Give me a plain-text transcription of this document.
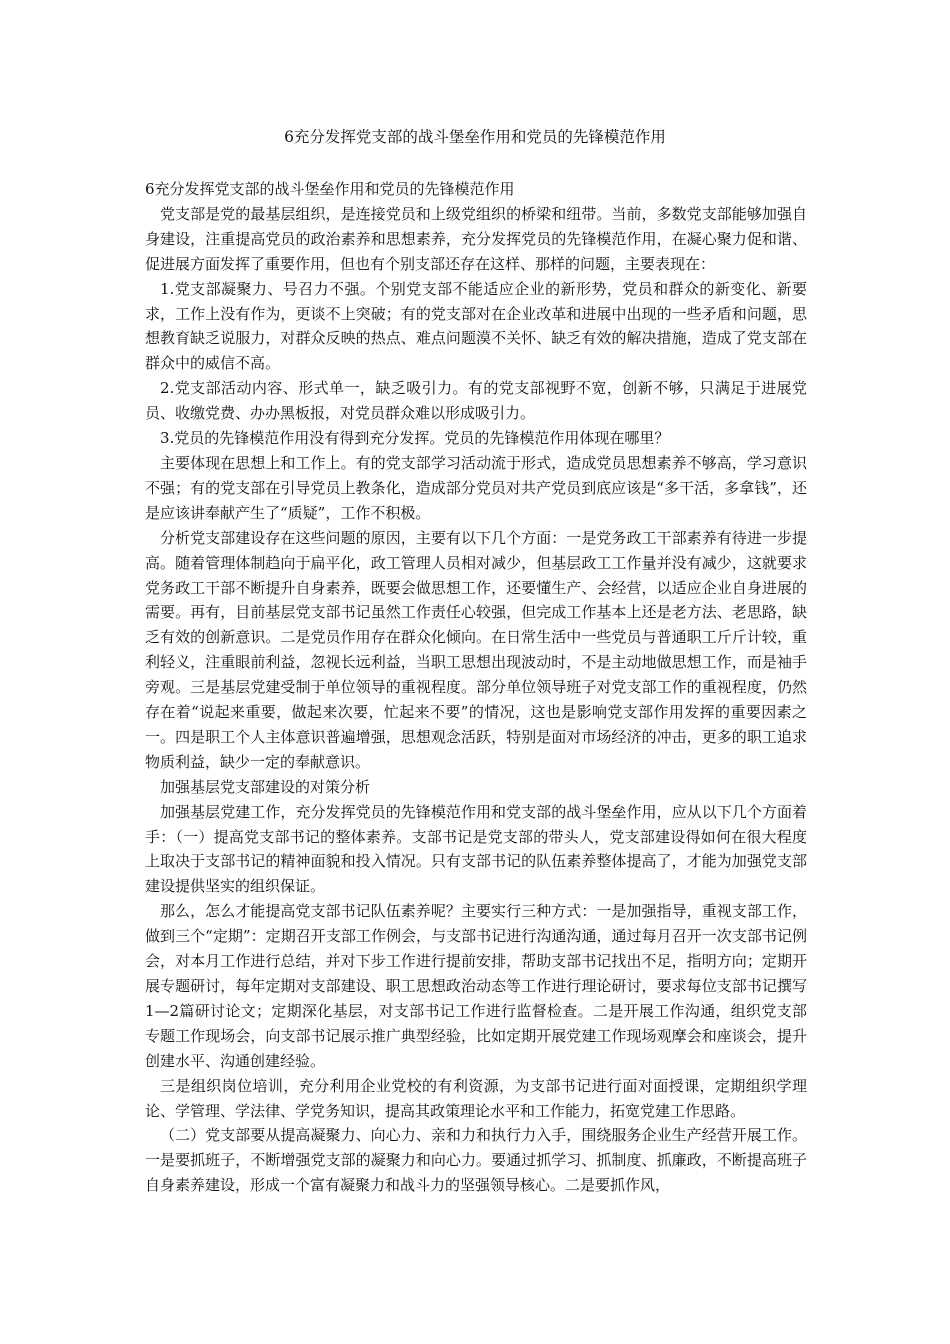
6充分发挥党支部的战斗堡垒作用和党员的先锋模范作用

6充分发挥党支部的战斗堡垒作用和党员的先锋模范作用

党支部是党的最基层组织，是连接党员和上级党组织的桥梁和纽带。当前，多数党支部能够加强自身建设，注重提高党员的政治素养和思想素养，充分发挥党员的先锋模范作用，在凝心聚力促和谐、促进展方面发挥了重要作用，但也有个别支部还存在这样、那样的问题，主要表现在：

1.党支部凝聚力、号召力不强。个别党支部不能适应企业的新形势，党员和群众的新变化、新要求，工作上没有作为，更谈不上突破；有的党支部对在企业改革和进展中出现的一些矛盾和问题，思想教育缺乏说服力，对群众反映的热点、难点问题漠不关怀、缺乏有效的解决措施，造成了党支部在群众中的威信不高。

2.党支部活动内容、形式单一，缺乏吸引力。有的党支部视野不宽，创新不够，只满足于进展党员、收缴党费、办办黑板报，对党员群众难以形成吸引力。

3.党员的先锋模范作用没有得到充分发挥。党员的先锋模范作用体现在哪里？

主要体现在思想上和工作上。有的党支部学习活动流于形式，造成党员思想素养不够高，学习意识不强；有的党支部在引导党员上教条化，造成部分党员对共产党员到底应该是“多干活，多拿钱”，还是应该讲奉献产生了“质疑”，工作不积极。

分析党支部建设存在这些问题的原因，主要有以下几个方面：一是党务政工干部素养有待进一步提高。随着管理体制趋向于扁平化，政工管理人员相对减少，但基层政工工作量并没有减少，这就要求党务政工干部不断提升自身素养，既要会做思想工作，还要懂生产、会经营，以适应企业自身进展的需要。再有，目前基层党支部书记虽然工作责任心较强，但完成工作基本上还是老方法、老思路，缺乏有效的创新意识。二是党员作用存在群众化倾向。在日常生活中一些党员与普通职工斤斤计较，重利轻义，注重眼前利益，忽视长远利益，当职工思想出现波动时，不是主动地做思想工作，而是袖手旁观。三是基层党建受制于单位领导的重视程度。部分单位领导班子对党支部工作的重视程度，仍然存在着“说起来重要，做起来次要，忙起来不要”的情况，这也是影响党支部作用发挥的重要因素之一。四是职工个人主体意识普遍增强，思想观念活跃，特别是面对市场经济的冲击，更多的职工追求物质利益，缺少一定的奉献意识。

加强基层党支部建设的对策分析

加强基层党建工作，充分发挥党员的先锋模范作用和党支部的战斗堡垒作用，应从以下几个方面着手：（一）提高党支部书记的整体素养。支部书记是党支部的带头人，党支部建设得如何在很大程度上取决于支部书记的精神面貌和投入情况。只有支部书记的队伍素养整体提高了，才能为加强党支部建设提供坚实的组织保证。

那么，怎么才能提高党支部书记队伍素养呢？主要实行三种方式：一是加强指导，重视支部工作，做到三个“定期”：定期召开支部工作例会，与支部书记进行沟通沟通，通过每月召开一次支部书记例会，对本月工作进行总结，并对下步工作进行提前安排，帮助支部书记找出不足，指明方向；定期开展专题研讨，每年定期对支部建设、职工思想政治动态等工作进行理论研讨，要求每位支部书记撰写1—2篇研讨论文；定期深化基层，对支部书记工作进行监督检查。二是开展工作沟通，组织党支部专题工作现场会，向支部书记展示推广典型经验，比如定期开展党建工作现场观摩会和座谈会，提升创建水平、沟通创建经验。

三是组织岗位培训，充分利用企业党校的有利资源，为支部书记进行面对面授课，定期组织学理论、学管理、学法律、学党务知识，提高其政策理论水平和工作能力，拓宽党建工作思路。

（二）党支部要从提高凝聚力、向心力、亲和力和执行力入手，围绕服务企业生产经营开展工作。一是要抓班子，不断增强党支部的凝聚力和向心力。要通过抓学习、抓制度、抓廉政，不断提高班子自身素养建设，形成一个富有凝聚力和战斗力的坚强领导核心。二是要抓作风，
